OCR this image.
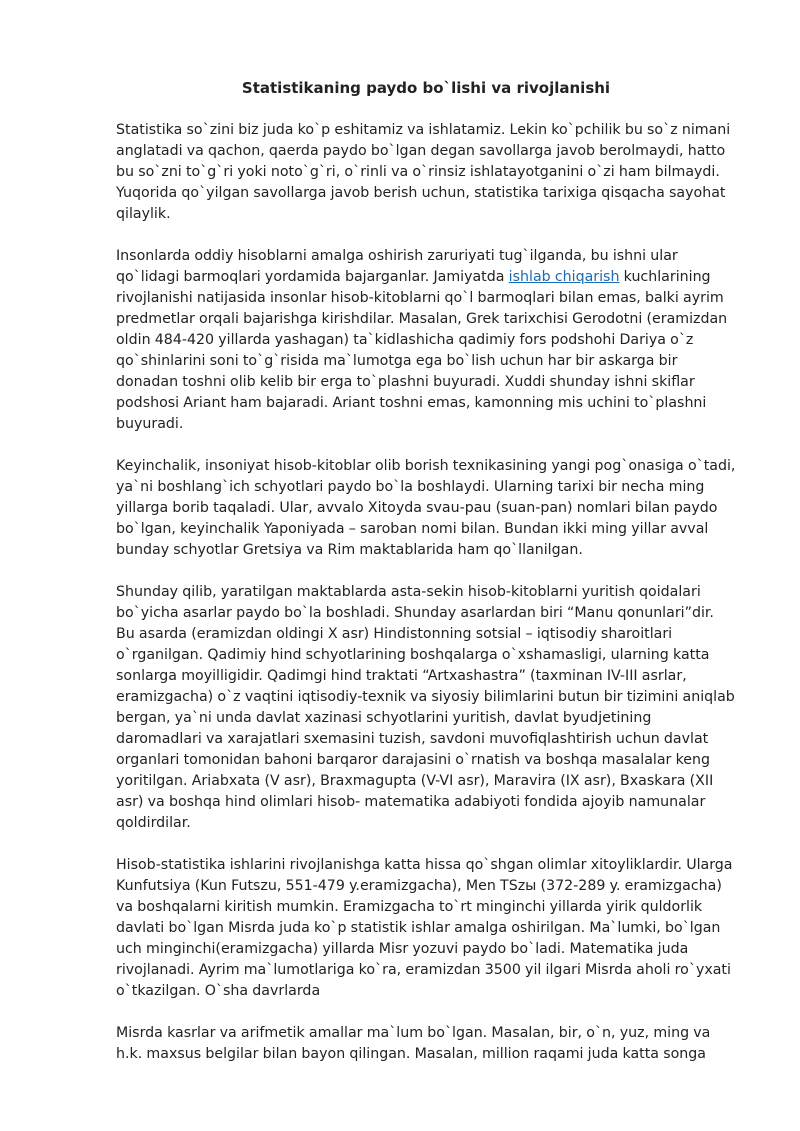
Statistikaning paydo bo`lishi va rivojlanishi

Statistika so`zini biz juda ko`p eshitamiz va ishlatamiz. Lekin ko`pchilik bu so`z nimani anglatadi va qachon, qaerda paydo bo`lgan degan savollarga javob berolmaydi, hatto bu so`zni to`g`ri yoki noto`g`ri, o`rinli va o`rinsiz ishlatayotganini o`zi ham bilmaydi. Yuqorida qo`yilgan savollarga javob berish uchun, statistika tarixiga qisqacha sayohat qilaylik.

Insonlarda oddiy hisoblarni amalga oshirish zaruriyati tug`ilganda, bu ishni ular qo`lidagi barmoqlari yordamida bajarganlar. Jamiyatda ishlab chiqarish kuchlarining rivojlanishi natijasida insonlar hisob-kitoblarni qo`l barmoqlari bilan emas, balki ayrim predmetlar orqali bajarishga kirishdilar. Masalan, Grek tarixchisi Gerodotni (eramizdan oldin 484-420 yillarda yashagan) ta`kidlashicha qadimiy fors podshohi Dariya o`z qo`shinlarini soni to`g`risida ma`lumotga ega bo`lish uchun har bir askarga bir donadan toshni olib kelib bir erga to`plashni buyuradi. Xuddi shunday ishni skiflar podshosi Ariant ham bajaradi. Ariant toshni emas, kamonning mis uchini to`plashni buyuradi.

Keyinchalik, insoniyat hisob-kitoblar olib borish texnikasining yangi pog`onasiga o`tadi, ya`ni boshlang`ich schyotlari paydo bo`la boshlaydi. Ularning tarixi bir necha ming yillarga borib taqaladi. Ular, avvalo Xitoyda svau-pau (suan-pan) nomlari bilan paydo bo`lgan, keyinchalik Yaponiyada – saroban nomi bilan. Bundan ikki ming yillar avval bunday schyotlar Gretsiya va Rim maktablarida ham qo`llanilgan.

Shunday qilib, yaratilgan maktablarda asta-sekin hisob-kitoblarni yuritish qoidalari bo`yicha asarlar paydo bo`la boshladi. Shunday asarlardan biri “Manu qonunlari”dir. Bu asarda (eramizdan oldingi X asr) Hindistonning sotsial – iqtisodiy sharoitlari o`rganilgan. Qadimiy hind schyotlarining boshqalarga o`xshamasligi, ularning katta sonlarga moyilligidir. Qadimgi hind traktati “Artxashastra” (taxminan IV-III asrlar, eramizgacha) o`z vaqtini iqtisodiy-texnik va siyosiy bilimlarini butun bir tizimini aniqlab bergan, ya`ni unda davlat xazinasi schyotlarini yuritish, davlat byudjetining daromadlari va xarajatlari sxemasini tuzish, savdoni muvofiqlashtirish uchun davlat organlari tomonidan bahoni barqaror darajasini o`rnatish va boshqa masalalar keng yoritilgan. Ariabxata (V asr), Braxmagupta (V-VI asr), Maravira (IX asr), Bxaskara (XII asr) va boshqa hind olimlari hisob- matematika adabiyoti fondida ajoyib namunalar qoldirdilar.

Hisob-statistika ishlarini rivojlanishga katta hissa qo`shgan olimlar xitoyliklardir. Ularga Kunfutsiya (Kun Futszu, 551-479 y.eramizgacha), Men TSzы (372-289 y. eramizgacha) va boshqalarni kiritish mumkin. Eramizgacha to`rt minginchi yillarda yirik quldorlik davlati bo`lgan Misrda juda ko`p statistik ishlar amalga oshirilgan. Ma`lumki, bo`lgan uch minginchi(eramizgacha) yillarda Misr yozuvi paydo bo`ladi. Matematika juda rivojlanadi. Ayrim ma`lumotlariga ko`ra, eramizdan 3500 yil ilgari Misrda aholi ro`yxati o`tkazilgan. O`sha davrlarda

Misrda kasrlar va arifmetik amallar ma`lum bo`lgan. Masalan, bir, o`n, yuz, ming va h.k. maxsus belgilar bilan bayon qilingan. Masalan, million raqami juda katta songa
